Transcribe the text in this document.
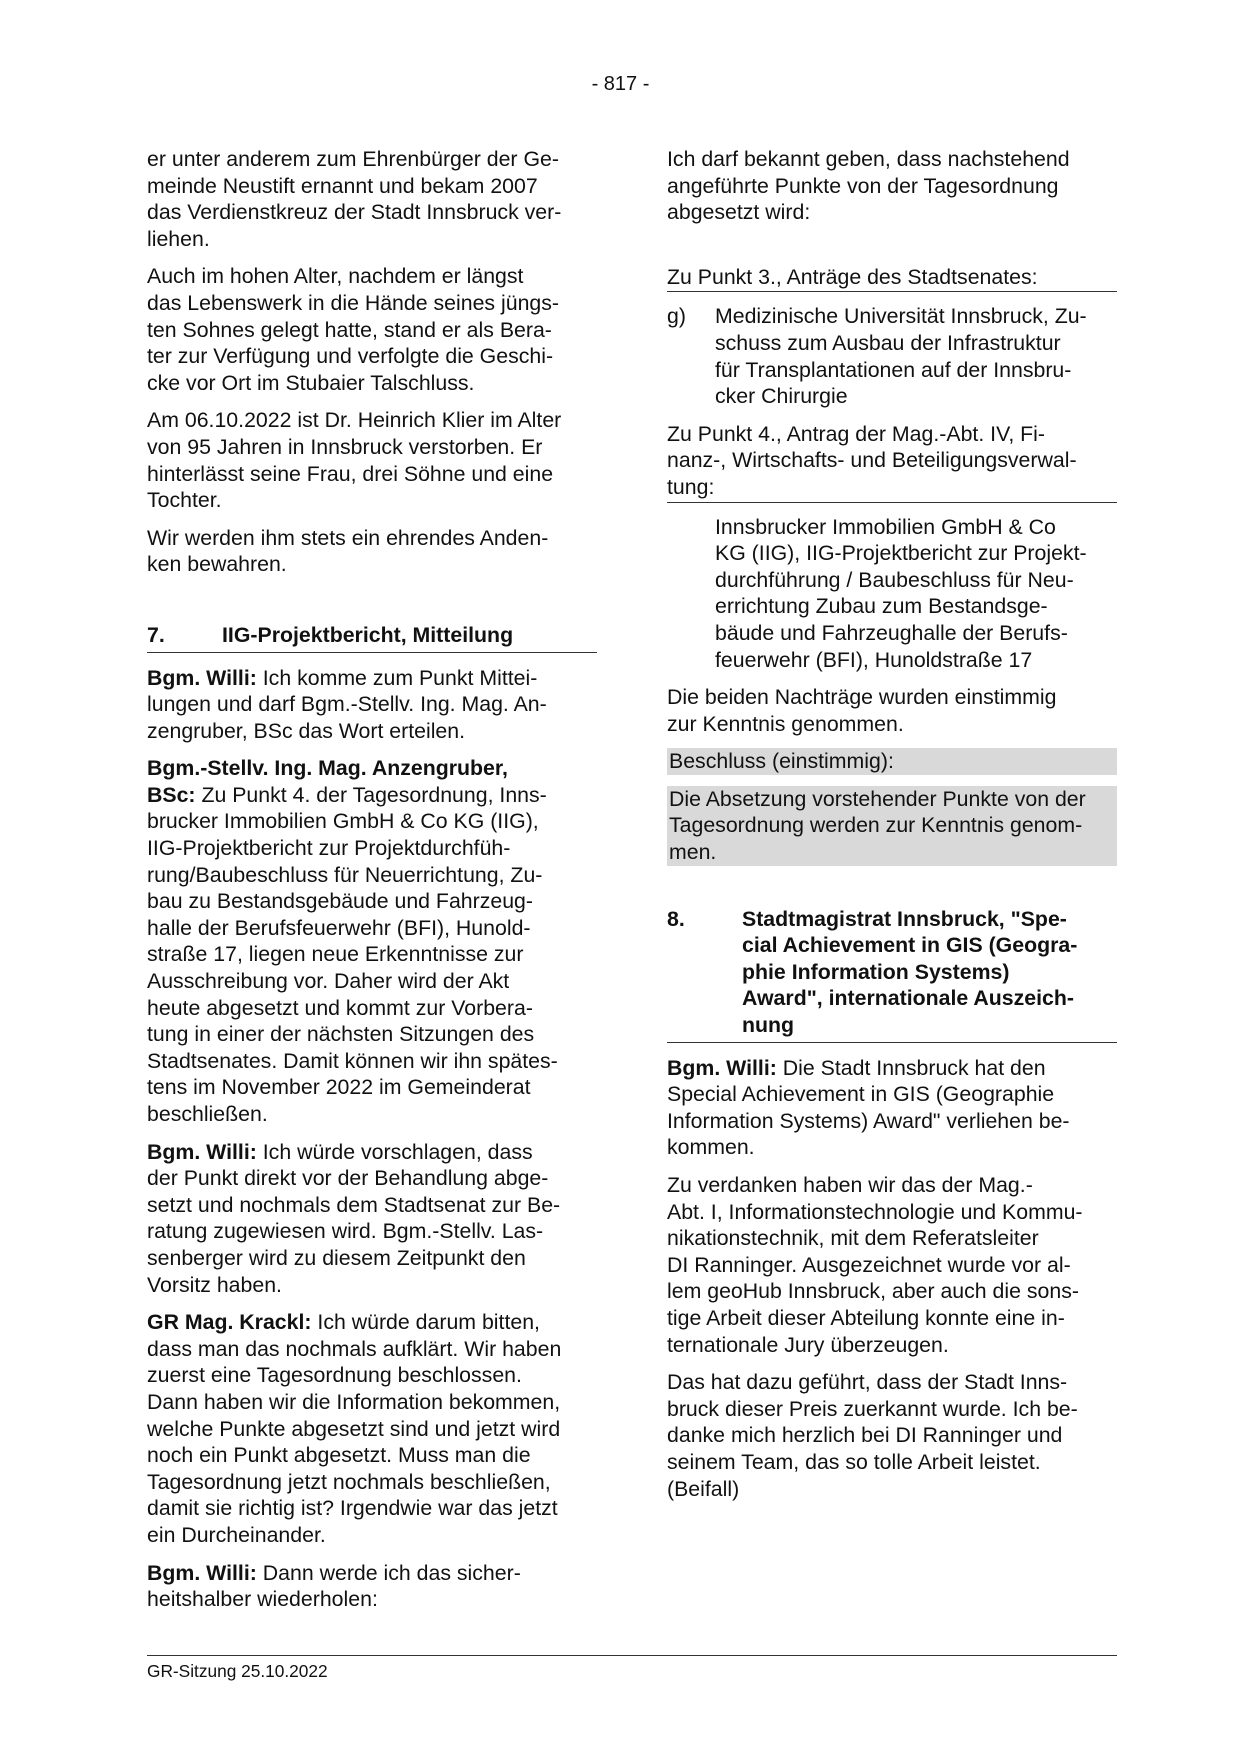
- 817 -

er unter anderem zum Ehrenbürger der Ge-
meinde Neustift ernannt und bekam 2007
das Verdienstkreuz der Stadt Innsbruck ver-
liehen.

Auch im hohen Alter, nachdem er längst
das Lebenswerk in die Hände seines jüngs-
ten Sohnes gelegt hatte, stand er als Bera-
ter zur Verfügung und verfolgte die Geschi-
cke vor Ort im Stubaier Talschluss.

Am 06.10.2022 ist Dr. Heinrich Klier im Alter
von 95 Jahren in Innsbruck verstorben. Er
hinterlässt seine Frau, drei Söhne und eine
Tochter.

Wir werden ihm stets ein ehrendes Anden-
ken bewahren.

7.	IIG-Projektbericht, Mitteilung

Bgm. Willi: Ich komme zum Punkt Mittei-
lungen und darf Bgm.-Stellv. Ing. Mag. An-
zengruber, BSc das Wort erteilen.

Bgm.-Stellv. Ing. Mag. Anzengruber,
BSc: Zu Punkt 4. der Tagesordnung, Inns-
brucker Immobilien GmbH & Co KG (IIG),
IIG-Projektbericht zur Projektdurchfüh-
rung/Baubeschluss für Neuerrichtung, Zu-
bau zu Bestandsgebäude und Fahrzeug-
halle der Berufsfeuerwehr (BFI), Hunold-
straße 17, liegen neue Erkenntnisse zur
Ausschreibung vor. Daher wird der Akt
heute abgesetzt und kommt zur Vorbera-
tung in einer der nächsten Sitzungen des
Stadtsenates. Damit können wir ihn spätes-
tens im November 2022 im Gemeinderat
beschließen.

Bgm. Willi: Ich würde vorschlagen, dass
der Punkt direkt vor der Behandlung abge-
setzt und nochmals dem Stadtsenat zur Be-
ratung zugewiesen wird. Bgm.-Stellv. Las-
senberger wird zu diesem Zeitpunkt den
Vorsitz haben.

GR Mag. Krackl: Ich würde darum bitten,
dass man das nochmals aufklärt. Wir haben
zuerst eine Tagesordnung beschlossen.
Dann haben wir die Information bekommen,
welche Punkte abgesetzt sind und jetzt wird
noch ein Punkt abgesetzt. Muss man die
Tagesordnung jetzt nochmals beschließen,
damit sie richtig ist? Irgendwie war das jetzt
ein Durcheinander.

Bgm. Willi: Dann werde ich das sicher-
heitshalber wiederholen:

Ich darf bekannt geben, dass nachstehend
angeführte Punkte von der Tagesordnung
abgesetzt wird:

Zu Punkt 3., Anträge des Stadtsenates:
g)	Medizinische Universität Innsbruck, Zu-
schuss zum Ausbau der Infrastruktur
für Transplantationen auf der Innsbru-
cker Chirurgie
Zu Punkt 4., Antrag der Mag.-Abt. IV, Fi-
nanz-, Wirtschafts- und Beteiligungsverwal-
tung:

Innsbrucker Immobilien GmbH & Co
KG (IIG), IIG-Projektbericht zur Projekt-
durchführung / Baubeschluss für Neu-
errichtung Zubau zum Bestandsge-
bäude und Fahrzeughalle der Berufs-
feuerwehr (BFI), Hunoldstraße 17

Die beiden Nachträge wurden einstimmig
zur Kenntnis genommen.

Beschluss (einstimmig):
Die Absetzung vorstehender Punkte von der
Tagesordnung werden zur Kenntnis genom-
men.
8.	Stadtmagistrat Innsbruck, "Spe-
cial Achievement in GIS (Geogra-
phie Information Systems)
Award", internationale Auszeich-
nung

Bgm. Willi: Die Stadt Innsbruck hat den
Special Achievement in GIS (Geographie
Information Systems) Award" verliehen be-
kommen.

Zu verdanken haben wir das der Mag.-
Abt. I, Informationstechnologie und Kommu-
nikationstechnik, mit dem Referatsleiter
DI Ranninger. Ausgezeichnet wurde vor al-
lem geoHub Innsbruck, aber auch die sons-
tige Arbeit dieser Abteilung konnte eine in-
ternationale Jury überzeugen.

Das hat dazu geführt, dass der Stadt Inns-
bruck dieser Preis zuerkannt wurde. Ich be-
danke mich herzlich bei DI Ranninger und
seinem Team, das so tolle Arbeit leistet.
(Beifall)

GR-Sitzung 25.10.2022
